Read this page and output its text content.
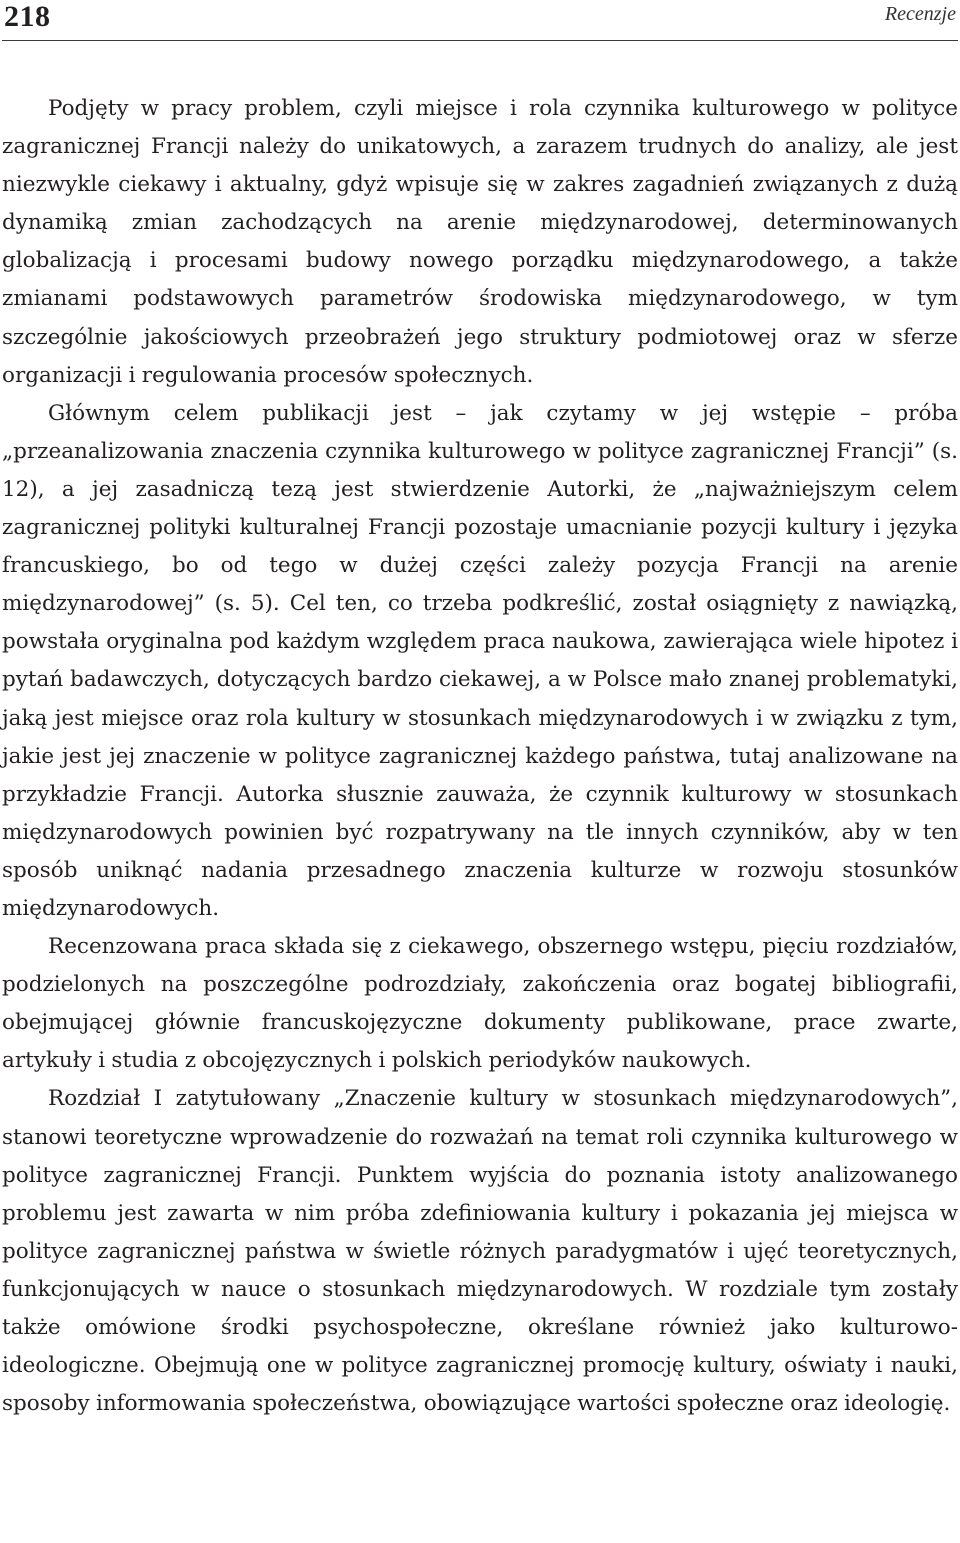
218	Recenzje

Podjęty w pracy problem, czyli miejsce i rola czynnika kulturowego w polityce zagranicznej Francji należy do unikatowych, a zarazem trudnych do analizy, ale jest niezwykle ciekawy i aktualny, gdyż wpisuje się w zakres zagadnień związanych z dużą dynamiką zmian zachodzących na arenie międzynarodowej, determinowanych globalizacją i procesami budowy nowego porządku międzynarodowego, a także zmianami podstawowych parametrów środowiska międzynarodowego, w tym szczególnie jakościowych przeobrażeń jego struktury podmiotowej oraz w sferze organizacji i regulowania procesów społecznych.

Głównym celem publikacji jest – jak czytamy w jej wstępie – próba „przeanalizowania znaczenia czynnika kulturowego w polityce zagranicznej Francji” (s. 12), a jej zasadniczą tezą jest stwierdzenie Autorki, że „najważniejszym celem zagranicznej polityki kulturalnej Francji pozostaje umacnianie pozycji kultury i języka francuskiego, bo od tego w dużej części zależy pozycja Francji na arenie międzynarodowej” (s. 5). Cel ten, co trzeba podkreślić, został osiągnięty z nawiązką, powstała oryginalna pod każdym względem praca naukowa, zawierająca wiele hipotez i pytań badawczych, dotyczących bardzo ciekawej, a w Polsce mało znanej problematyki, jaką jest miejsce oraz rola kultury w stosunkach międzynarodowych i w związku z tym, jakie jest jej znaczenie w polityce zagranicznej każdego państwa, tutaj analizowane na przykładzie Francji. Autorka słusznie zauważa, że czynnik kulturowy w stosunkach międzynarodowych powinien być rozpatrywany na tle innych czynników, aby w ten sposób uniknąć nadania przesadnego znaczenia kulturze w rozwoju stosunków międzynarodowych.

Recenzowana praca składa się z ciekawego, obszernego wstępu, pięciu rozdziałów, podzielonych na poszczególne podrozdziały, zakończenia oraz bogatej bibliografii, obejmującej głównie francuskojęzyczne dokumenty publikowane, prace zwarte, artykuły i studia z obcojęzycznych i polskich periodyków naukowych.

Rozdział I zatytułowany „Znaczenie kultury w stosunkach międzynarodowych”, stanowi teoretyczne wprowadzenie do rozważań na temat roli czynnika kulturowego w polityce zagranicznej Francji. Punktem wyjścia do poznania istoty analizowanego problemu jest zawarta w nim próba zdefiniowania kultury i pokazania jej miejsca w polityce zagranicznej państwa w świetle różnych paradygmatów i ujęć teoretycznych, funkcjonujących w nauce o stosunkach międzynarodowych. W rozdziale tym zostały także omówione środki psychospołeczne, określane również jako kulturowo-ideologiczne. Obejmują one w polityce zagranicznej promocję kultury, oświaty i nauki, sposoby informowania społeczeństwa, obowiązujące wartości społeczne oraz ideologię.
